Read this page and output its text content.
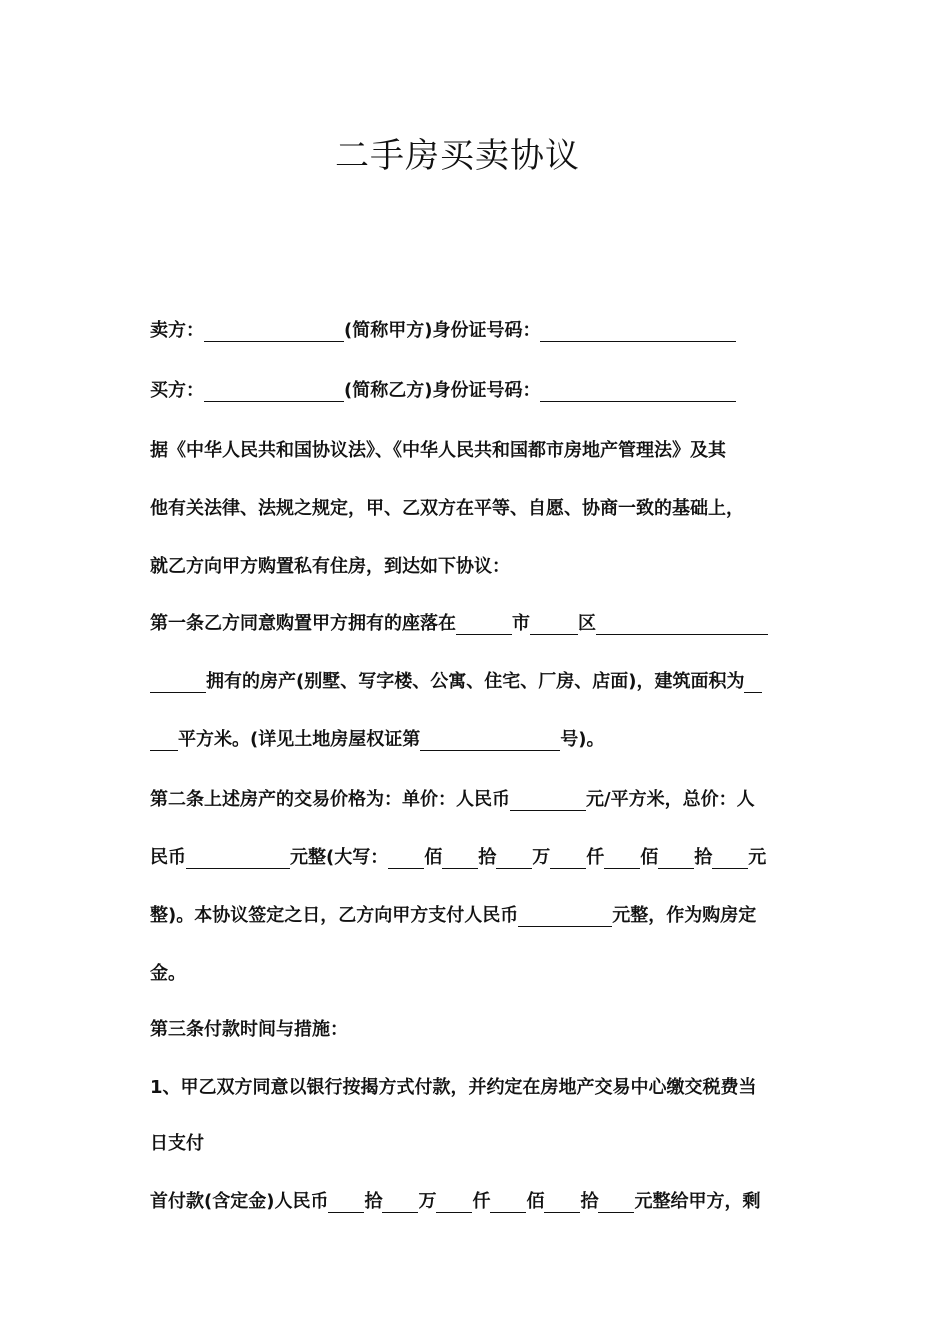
二手房买卖协议
卖方：	(简称甲方)身份证号码：
买方：	(简称乙方)身份证号码：
据《中华人民共和国协议法》、《中华人民共和国都市房地产管理法》及其
他有关法律、法规之规定，甲、乙双方在平等、自愿、协商一致的基础上，
就乙方向甲方购置私有住房，到达如下协议：
第一条乙方同意购置甲方拥有的座落在	市	区
拥有的房产(别墅、写字楼、公寓、住宅、厂房、店面)，建筑面积为
平方米。(详见土地房屋权证第	号)。
第二条上述房产的交易价格为：单价：人民币	元/平方米，总价：人
民币	元整(大写： 佰 拾 万 仟 佰 拾 元
整)。本协议签定之日，乙方向甲方支付人民币	元整，作为购房定
金。
第三条付款时间与措施：
1、甲乙双方同意以银行按揭方式付款，并约定在房地产交易中心缴交税费当
日支付
首付款(含定金)人民币 拾 万 仟 佰 拾 元整给甲方，剩
